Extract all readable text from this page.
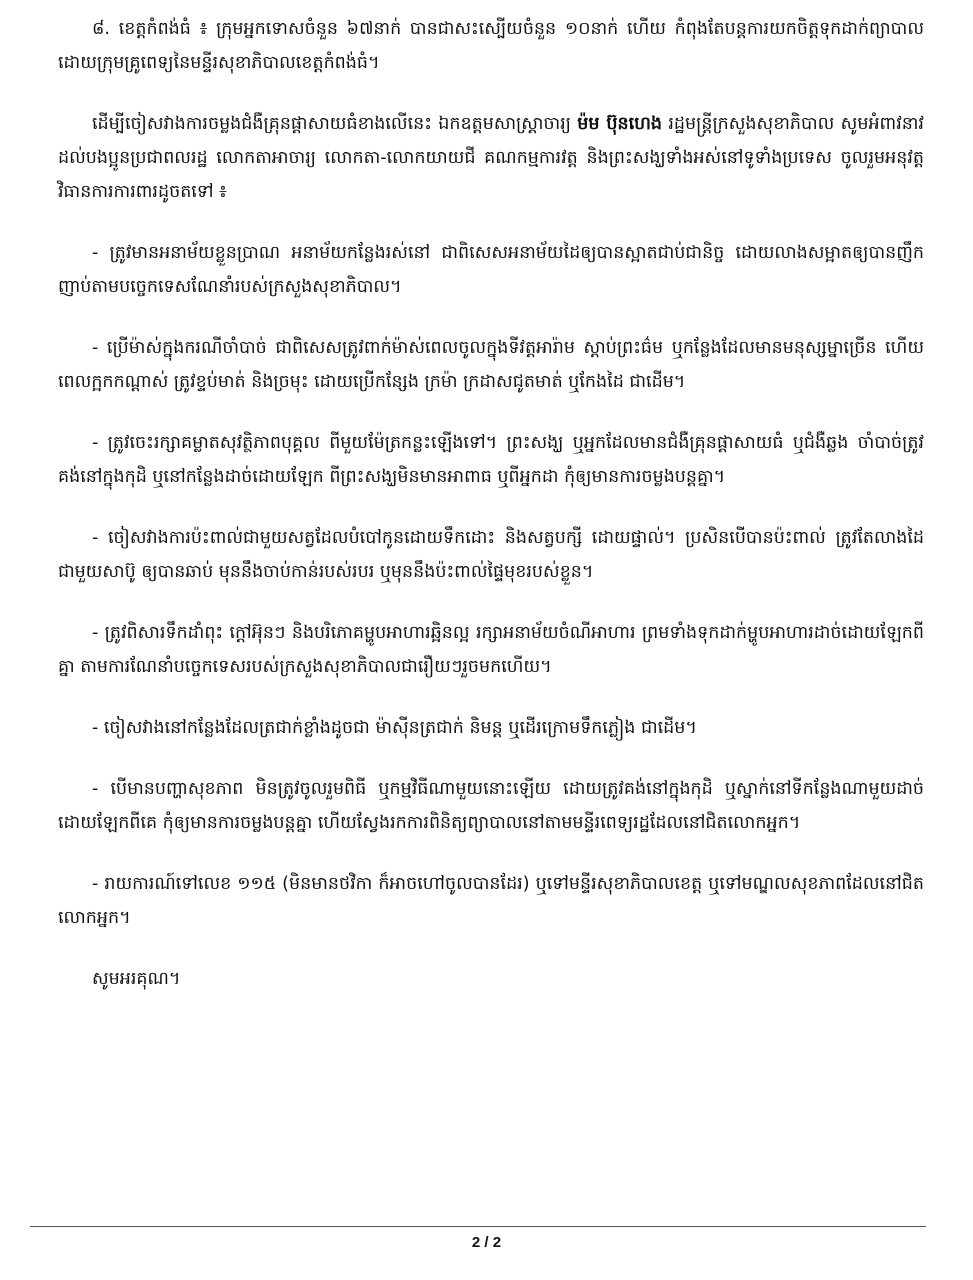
៨. ខេត្តកំពង់ធំ ៖ ក្រុមអ្នកទោសចំនួន ៦៧នាក់ បានជាសះស្បើយចំនួន ១០នាក់ ហើយ កំពុងតែបន្តការយកចិត្តទុកដាក់ព្យាបាលដោយក្រុមគ្រូពេទ្យនៃមន្ទីរសុខាភិបាលខេត្តកំពង់ធំ។

ដើម្បីចៀសវាងការចម្លងជំងឺគ្រុនផ្តាសាយធំខាងលើនេះ ឯកឧត្តមសាស្ត្រាចារ្យ ម៉ម ប៊ុនហេង រដ្ឋមន្ត្រីក្រសួងសុខាភិបាល សូមអំពាវនាវដល់បងប្អូនប្រជាពលរដ្ឋ លោកតាអាចារ្យ លោកតា-លោកយាយជី គណកម្មការវត្ត និងព្រះសង្ឃទាំងអស់នៅទូទាំងប្រទេស ចូលរួមអនុវត្តវិធានការការពារដូចតទៅ ៖

- ត្រូវមានអនាម័យខ្លួនប្រាណ អនាម័យកន្លែងរស់នៅ ជាពិសេសអនាម័យដៃឲ្យបានស្អាតជាប់ជានិច្ច ដោយលាងសម្អាតឲ្យបានញឹកញាប់តាមបច្ចេកទេសណែនាំរបស់ក្រសួងសុខាភិបាល។

- ប្រើម៉ាស់ក្នុងករណីចាំបាច់ ជាពិសេសត្រូវពាក់ម៉ាស់ពេលចូលក្នុងទីវត្តអារ៉ាម ស្តាប់ព្រះធ៌ម ឬកន្លែងដែលមានមនុស្សម្នាច្រើន ហើយពេលក្អកកណ្តាស់ ត្រូវខ្ទប់មាត់ និងច្រមុះ ដោយប្រើកន្សែង ក្រម៉ា ក្រដាសជូតមាត់ ឬកែងដៃ ជាដើម។

- ត្រូវចេះរក្សាគម្លាតសុវត្ថិភាពបុគ្គល ពីមួយម៉ែត្រកន្លះឡើងទៅ។ ព្រះសង្ឃ ឬអ្នកដែលមានជំងឺគ្រុនផ្តាសាយធំ ឬជំងឺឆ្លង ចាំបាច់ត្រូវគង់នៅក្នុងកុដិ ឬនៅកន្លែងដាច់ដោយឡែក ពីព្រះសង្ឃមិនមានអាពាធ ឬពីអ្នកដា កុំឲ្យមានការចម្លងបន្តគ្នា។

- ចៀសវាងការប៉ះពាល់ជាមួយសត្វដែលបំបៅកូនដោយទឹកដោះ និងសត្វបក្សី ដោយផ្ទាល់។ ប្រសិនបើបានប៉ះពាល់ ត្រូវតែលាងដៃជាមួយសាប៊ូ ឲ្យបានឆាប់ មុននឹងចាប់កាន់របស់របរ ឬមុននឹងប៉ះពាល់ផ្ទៃមុខរបស់ខ្លួន។

- ត្រូវពិសារទឹកដាំពុះ ក្តៅអ៊ុនៗ និងបរិភោគម្ហូបអាហារឆ្អិនល្អ រក្សាអនាម័យចំណីអាហារ ព្រមទាំងទុកដាក់ម្ហូបអាហារដាច់ដោយឡែកពីគ្នា តាមការណែនាំបច្ចេកទេសរបស់ក្រសួងសុខាភិបាលជារឿយៗរួចមកហើយ។

- ចៀសវាងនៅកន្លែងដែលត្រជាក់ខ្លាំងដូចជា ម៉ាស៊ីនត្រជាក់ និមន្ត ឬដើរក្រោមទឹកភ្លៀង ជាដើម។

- បើមានបញ្ហាសុខភាព មិនត្រូវចូលរួមពិធី ឬកម្មវិធីណាមួយនោះឡើយ ដោយត្រូវគង់នៅក្នុងកុដិ ឬស្នាក់នៅទីកន្លែងណាមួយដាច់ដោយឡែកពីគេ កុំឲ្យមានការចម្លងបន្តគ្នា ហើយស្វែងរកការពិនិត្យព្យាបាលនៅតាមមន្ទីរពេទ្យរដ្ឋដែលនៅជិតលោកអ្នក។

- រាយការណ៍ទៅលេខ ១១៥ (មិនមានថវិកា ក៏អាចហៅចូលបានដែរ) ឬទៅមន្ទីរសុខាភិបាលខេត្ត ឬទៅមណ្ឌលសុខភាពដែលនៅជិតលោកអ្នក។

សូមអរគុណ។

2 / 2
